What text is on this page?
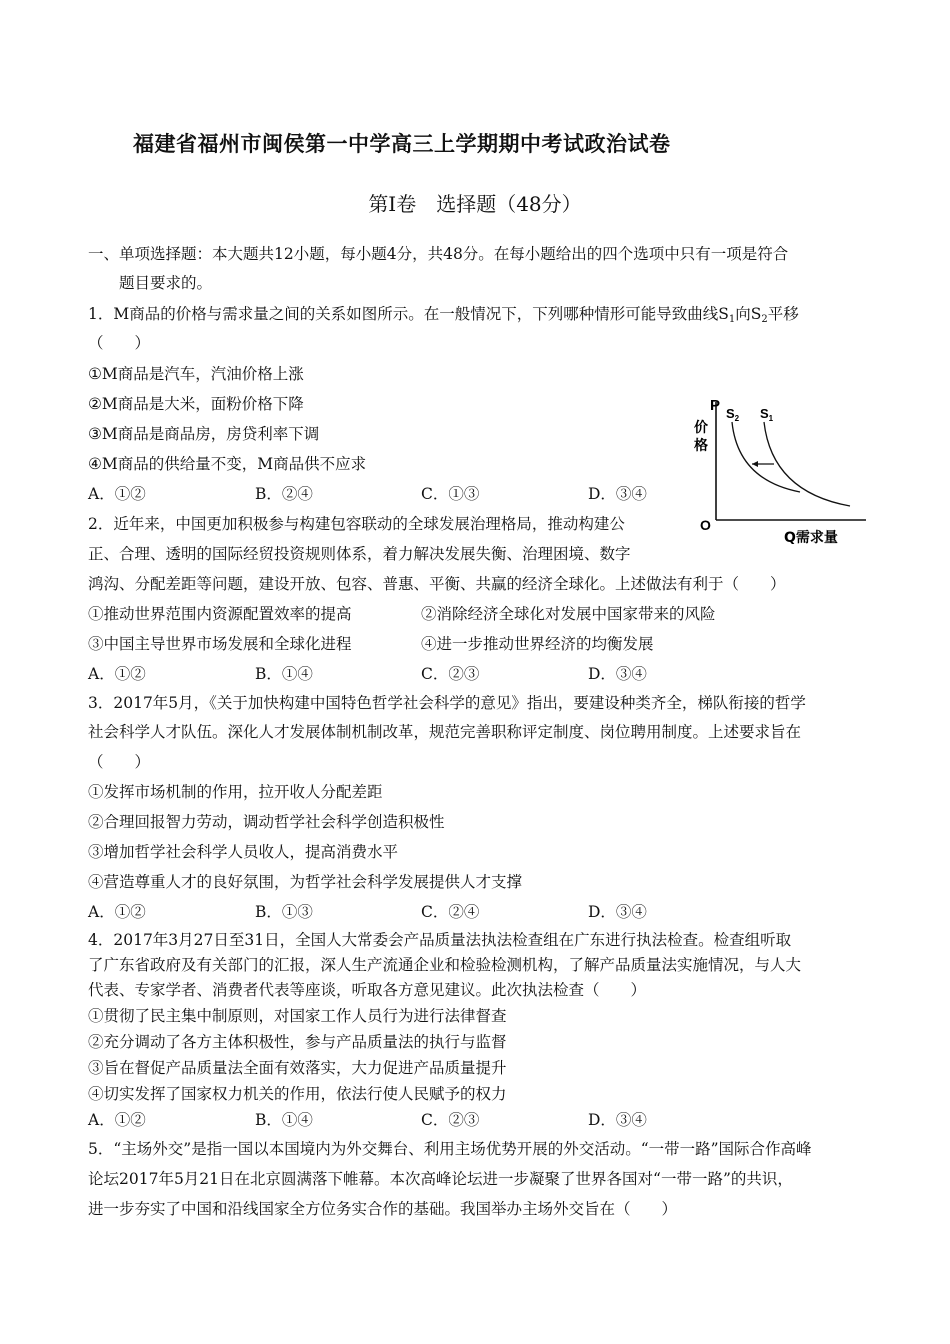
福建省福州市闽侯第一中学高三上学期期中考试政治试卷
第Ⅰ卷　选择题（48分）
一、单项选择题：本大题共12小题，每小题4分，共48分。在每小题给出的四个选项中只有一项是符合
题目要求的。
1．M商品的价格与需求量之间的关系如图所示。在一般情况下，下列哪种情形可能导致曲线$S_1$向$S_2$平移
（　　）
①M商品是汽车，汽油价格上涨
②M商品是大米，面粉价格下降
③M商品是商品房，房贷利率下调
④M商品的供给量不变，M商品供不应求
A．①②	B．②④	C．①③	D．③④
P
价
格
O
Q需求量
$S_2$ $S_1$
2．近年来，中国更加积极参与构建包容联动的全球发展治理格局，推动构建公
正、合理、透明的国际经贸投资规则体系，着力解决发展失衡、治理困境、数字
鸿沟、分配差距等问题，建设开放、包容、普惠、平衡、共赢的经济全球化。上述做法有利于（　　）
①推动世界范围内资源配置效率的提高	②消除经济全球化对发展中国家带来的风险
③中国主导世界市场发展和全球化进程	④进一步推动世界经济的均衡发展
A．①②	B．①④	C．②③	D．③④
3．2017年5月，《关于加快构建中国特色哲学社会科学的意见》指出，要建设种类齐全，梯队衔接的哲学
社会科学人才队伍。深化人才发展体制机制改革，规范完善职称评定制度、岗位聘用制度。上述要求旨在
（　　）
①发挥市场机制的作用，拉开收人分配差距
②合理回报智力劳动，调动哲学社会科学创造积极性
③增加哲学社会科学人员收人，提高消费水平
④营造尊重人才的良好氛围，为哲学社会科学发展提供人才支撑
A．①②	B．①③	C．②④	D．③④
4．2017年3月27日至31日，全国人大常委会产品质量法执法检查组在广东进行执法检查。检查组听取
了广东省政府及有关部门的汇报，深人生产流通企业和检验检测机构，了解产品质量法实施情况，与人大
代表、专家学者、消费者代表等座谈，听取各方意见建议。此次执法检查（　　）
①贯彻了民主集中制原则，对国家工作人员行为进行法律督查
②充分调动了各方主体积极性，参与产品质量法的执行与监督
③旨在督促产品质量法全面有效落实，大力促进产品质量提升
④切实发挥了国家权力机关的作用，依法行使人民赋予的权力
A．①②	B．①④	C．②③	D．③④
5．“主场外交”是指一国以本国境内为外交舞台、利用主场优势开展的外交活动。“一带一路”国际合作高峰
论坛2017年5月21日在北京圆满落下帷幕。本次高峰论坛进一步凝聚了世界各国对“一带一路”的共识，
进一步夯实了中国和沿线国家全方位务实合作的基础。我国举办主场外交旨在（　　）
